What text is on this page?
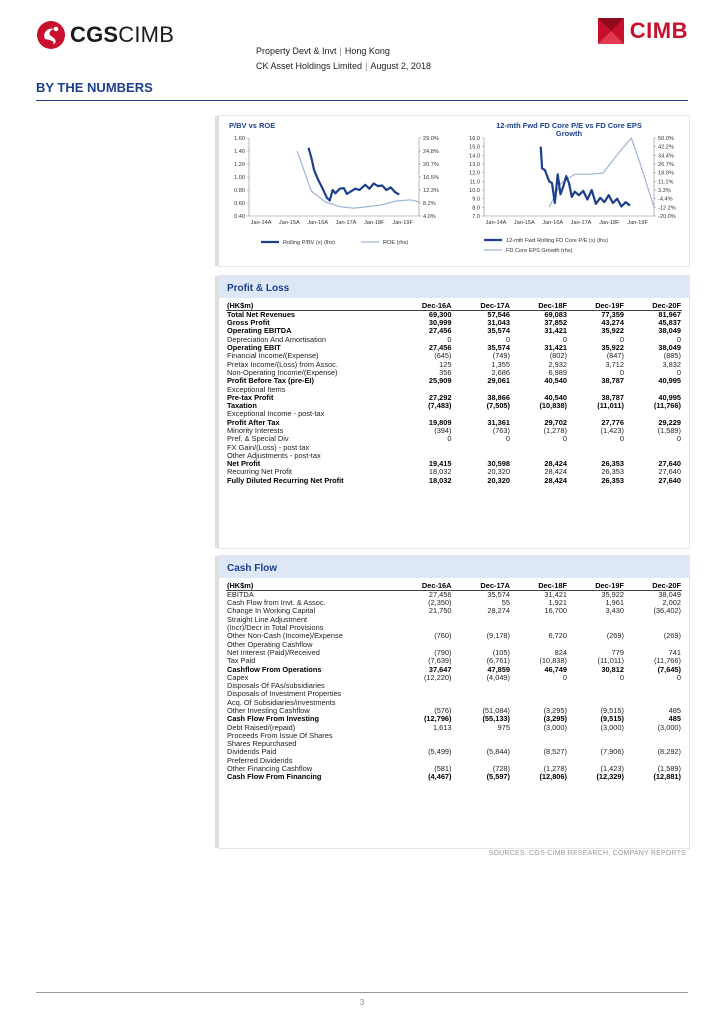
CGSCIMB	CIMB
Property Devt & Invt | Hong Kong
CK Asset Holdings Limited | August 2, 2018
BY THE NUMBERS
P/BV vs ROE
1.60
1.40
1.20
1.00
0.80
0.60
0.40
29.0%
24.8%
20.7%
16.5%
12.3%
8.2%
4.0%
Jan-14A Jan-15A Jan-16A Jan-17A Jan-18F Jan-19F
Rolling P/BV (x) (lhs)	ROE (rhs)
12-mth Fwd FD Core P/E vs FD Core EPS Growth
16.0
15.0
14.0
13.0
12.0
11.0
10.0
9.0
8.0
7.0
50.0%
42.2%
34.4%
26.7%
18.9%
11.1%
3.3%
-4.4%
-12.2%
-20.0%
Jan-14A Jan-15A Jan-16A Jan-17A Jan-18F Jan-19F
12-mth Fwd Rolling FD Core P/E (x) (lhs)
FD Core EPS Growth (rhs)
Profit & Loss
(HK$m)	Dec-16A	Dec-17A	Dec-18F	Dec-19F	Dec-20F
Total Net Revenues	69,300	57,546	69,083	77,359	81,967
Gross Profit	30,999	31,043	37,852	43,274	45,837
Operating EBITDA	27,456	35,574	31,421	35,922	38,049
Depreciation And Amortisation	0	0	0	0	0
Operating EBIT	27,456	35,574	31,421	35,922	38,049
Financial Income/(Expense)	(645)	(749)	(802)	(847)	(885)
Pretax Income/(Loss) from Assoc.	125	1,355	2,932	3,712	3,832
Non-Operating Income/(Expense)	356	2,686	6,989	0	0
Profit Before Tax (pre-EI)	25,909	29,061	40,540	38,787	40,995
Exceptional Items					
Pre-tax Profit	27,292	38,866	40,540	38,787	40,995
Taxation	(7,483)	(7,505)	(10,838)	(11,011)	(11,766)
Exceptional Income - post-tax					
Profit After Tax	19,809	31,361	29,702	27,776	29,229
Minority Interests	(394)	(763)	(1,278)	(1,423)	(1,589)
Pref. & Special Div	0	0	0	0	0
FX Gain/(Loss) - post tax					
Other Adjustments - post-tax					
Net Profit	19,415	30,598	28,424	26,353	27,640
Recurring Net Profit	18,032	20,320	28,424	26,353	27,640
Fully Diluted Recurring Net Profit	18,032	20,320	28,424	26,353	27,640
Cash Flow
(HK$m)	Dec-16A	Dec-17A	Dec-18F	Dec-19F	Dec-20F
EBITDA	27,456	35,574	31,421	35,922	38,049
Cash Flow from Invt. & Assoc.	(2,350)	55	1,921	1,961	2,002
Change In Working Capital	21,750	28,274	16,700	3,430	(36,402)
Straight Line Adjustment					
(Incr)/Decr in Total Provisions					
Other Non-Cash (Income)/Expense	(760)	(9,178)	6,720	(269)	(269)
Other Operating Cashflow					
Net Interest (Paid)/Received	(790)	(105)	824	779	741
Tax Paid	(7,639)	(6,761)	(10,838)	(11,011)	(11,766)
Cashflow From Operations	37,647	47,859	46,749	30,812	(7,645)
Capex	(12,220)	(4,049)	0	0	0
Disposals Of FAs/subsidiaries					
Disposals of Investment Properties					
Acq. Of Subsidiaries/investments					
Other Investing Cashflow	(576)	(51,084)	(3,295)	(9,515)	485
Cash Flow From Investing	(12,796)	(55,133)	(3,295)	(9,515)	485
Debt Raised/(repaid)	1,613	975	(3,000)	(3,000)	(3,000)
Proceeds From Issue Of Shares					
Shares Repurchased					
Dividends Paid	(5,499)	(5,844)	(8,527)	(7,906)	(8,292)
Preferred Dividends					
Other Financing Cashflow	(581)	(728)	(1,278)	(1,423)	(1,589)
Cash Flow From Financing	(4,467)	(5,597)	(12,806)	(12,329)	(12,881)
SOURCES: CGS-CIMB RESEARCH, COMPANY REPORTS
3
